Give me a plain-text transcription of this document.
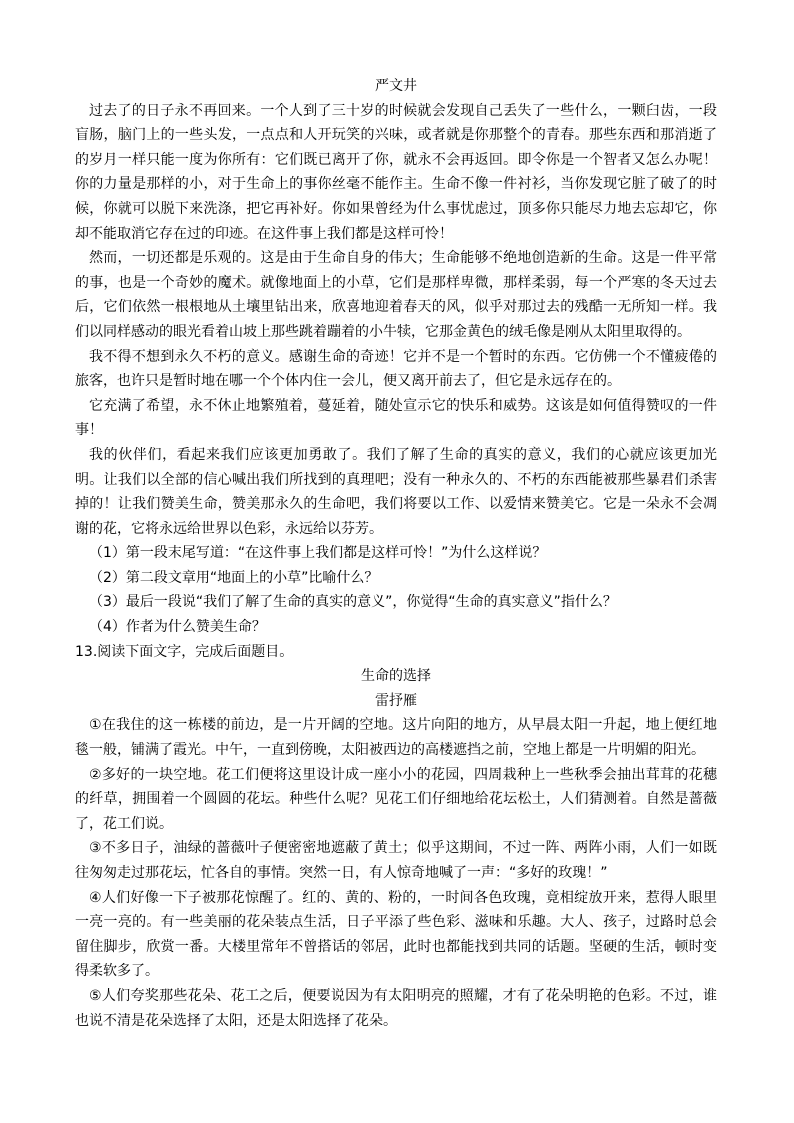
严文井
过去了的日子永不再回来。一个人到了三十岁的时候就会发现自己丢失了一些什么，一颗臼齿，一段盲肠，脑门上的一些头发，一点点和人开玩笑的兴味，或者就是你那整个的青春。那些东西和那消逝了的岁月一样只能一度为你所有：它们既已离开了你，就永不会再返回。即令你是一个智者又怎么办呢！你的力量是那样的小，对于生命上的事你丝毫不能作主。生命不像一件衬衫，当你发现它脏了破了的时候，你就可以脱下来洗涤，把它再补好。你如果曾经为什么事忧虑过，顶多你只能尽力地去忘却它，你却不能取消它存在过的印迹。在这件事上我们都是这样可怜！
然而，一切还都是乐观的。这是由于生命自身的伟大；生命能够不绝地创造新的生命。这是一件平常的事，也是一个奇妙的魔术。就像地面上的小草，它们是那样卑微，那样柔弱，每一个严寒的冬天过去后，它们依然一根根地从土壤里钻出来，欣喜地迎着春天的风，似乎对那过去的残酷一无所知一样。我们以同样感动的眼光看着山坡上那些跳着蹦着的小牛犊，它那金黄色的绒毛像是刚从太阳里取得的。
我不得不想到永久不朽的意义。感谢生命的奇迹！它并不是一个暂时的东西。它仿佛一个不懂疲倦的旅客，也许只是暂时地在哪一个个体内住一会儿，便又离开前去了，但它是永远存在的。
它充满了希望，永不休止地繁殖着，蔓延着，随处宣示它的快乐和威势。这该是如何值得赞叹的一件事！
我的伙伴们，看起来我们应该更加勇敢了。我们了解了生命的真实的意义，我们的心就应该更加光明。让我们以全部的信心喊出我们所找到的真理吧；没有一种永久的、不朽的东西能被那些暴君们杀害掉的！让我们赞美生命，赞美那永久的生命吧，我们将要以工作、以爱情来赞美它。它是一朵永不会凋谢的花，它将永远给世界以色彩，永远给以芬芳。
（1）第一段末尾写道：“在这件事上我们都是这样可怜！”为什么这样说？
（2）第二段文章用“地面上的小草”比喻什么？
（3）最后一段说“我们了解了生命的真实的意义”，你觉得“生命的真实意义”指什么？
（4）作者为什么赞美生命？
13.阅读下面文字，完成后面题目。
生命的选择
雷抒雁
①在我住的这一栋楼的前边，是一片开阔的空地。这片向阳的地方，从早晨太阳一升起，地上便红地毯一般，铺满了霞光。中午，一直到傍晚，太阳被西边的高楼遮挡之前，空地上都是一片明媚的阳光。
②多好的一块空地。花工们便将这里设计成一座小小的花园，四周栽种上一些秋季会抽出茸茸的花穗的纤草，拥围着一个圆圆的花坛。种些什么呢？见花工们仔细地给花坛松土，人们猜测着。自然是蔷薇了，花工们说。
③不多日子，油绿的蔷薇叶子便密密地遮蔽了黄土；似乎这期间，不过一阵、两阵小雨，人们一如既往匆匆走过那花坛，忙各自的事情。突然一日，有人惊奇地喊了一声：“多好的玫瑰！”
④人们好像一下子被那花惊醒了。红的、黄的、粉的，一时间各色玫瑰，竟相绽放开来，惹得人眼里一亮一亮的。有一些美丽的花朵装点生活，日子平添了些色彩、滋味和乐趣。大人、孩子，过路时总会留住脚步，欣赏一番。大楼里常年不曾搭话的邻居，此时也都能找到共同的话题。坚硬的生活，顿时变得柔软多了。
⑤人们夸奖那些花朵、花工之后，便要说因为有太阳明亮的照耀，才有了花朵明艳的色彩。不过，谁也说不清是花朵选择了太阳，还是太阳选择了花朵。
